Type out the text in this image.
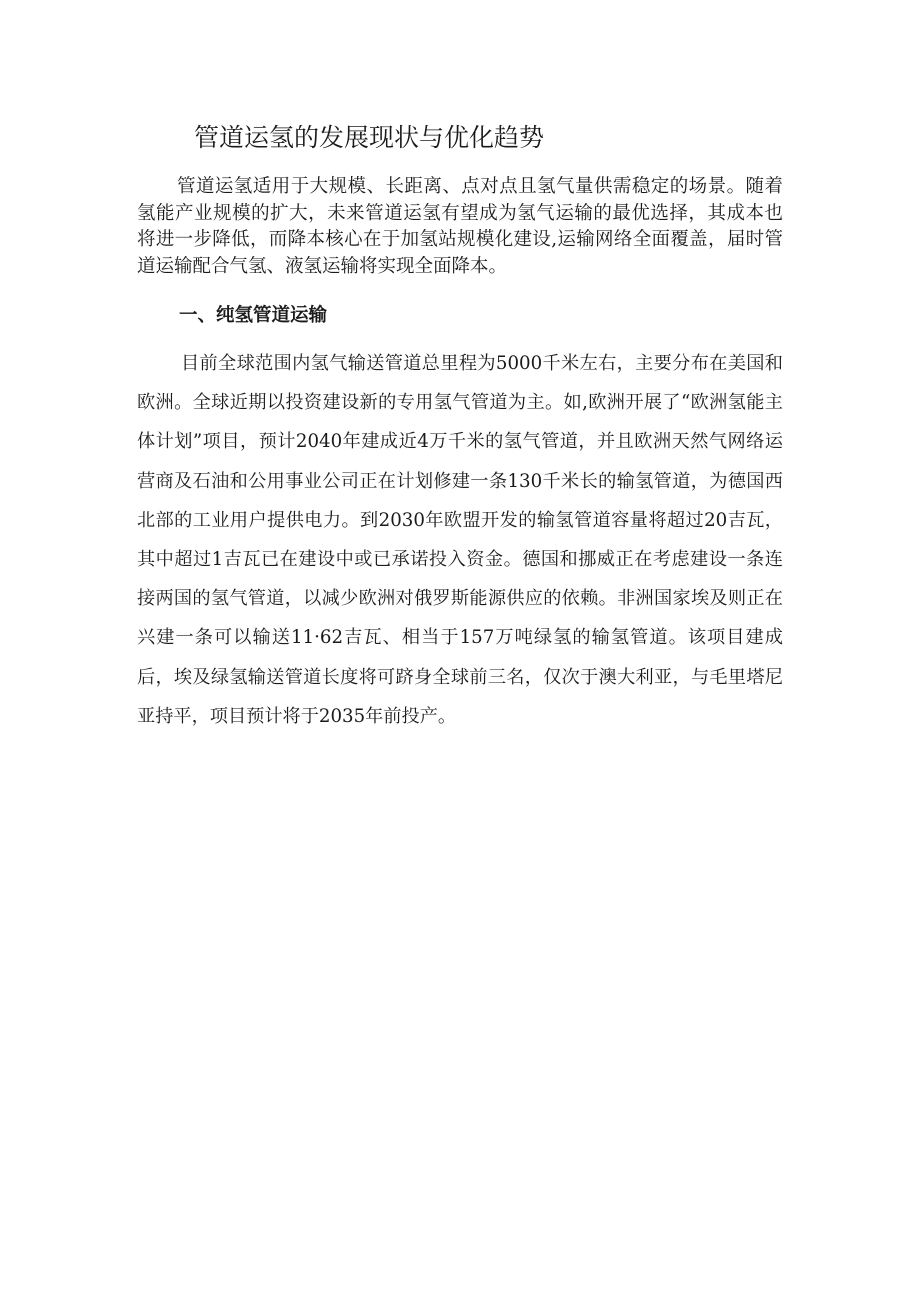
管道运氢的发展现状与优化趋势

管道运氢适用于大规模、长距离、点对点且氢气量供需稳定的场景。随着氢能产业规模的扩大，未来管道运氢有望成为氢气运输的最优选择，其成本也将进一步降低，而降本核心在于加氢站规模化建设,运输网络全面覆盖，届时管道运输配合气氢、液氢运输将实现全面降本。

一、纯氢管道运输

目前全球范围内氢气输送管道总里程为5000千米左右，主要分布在美国和欧洲。全球近期以投资建设新的专用氢气管道为主。如,欧洲开展了“欧洲氢能主体计划”项目，预计2040年建成近4万千米的氢气管道，并且欧洲天然气网络运营商及石油和公用事业公司正在计划修建一条130千米长的输氢管道，为德国西北部的工业用户提供电力。到2030年欧盟开发的输氢管道容量将超过20吉瓦，其中超过1吉瓦已在建设中或已承诺投入资金。德国和挪威正在考虑建设一条连接两国的氢气管道，以减少欧洲对俄罗斯能源供应的依赖。非洲国家埃及则正在兴建一条可以输送11·62吉瓦、相当于157万吨绿氢的输氢管道。该项目建成后，埃及绿氢输送管道长度将可跻身全球前三名，仅次于澳大利亚，与毛里塔尼亚持平，项目预计将于2035年前投产。
